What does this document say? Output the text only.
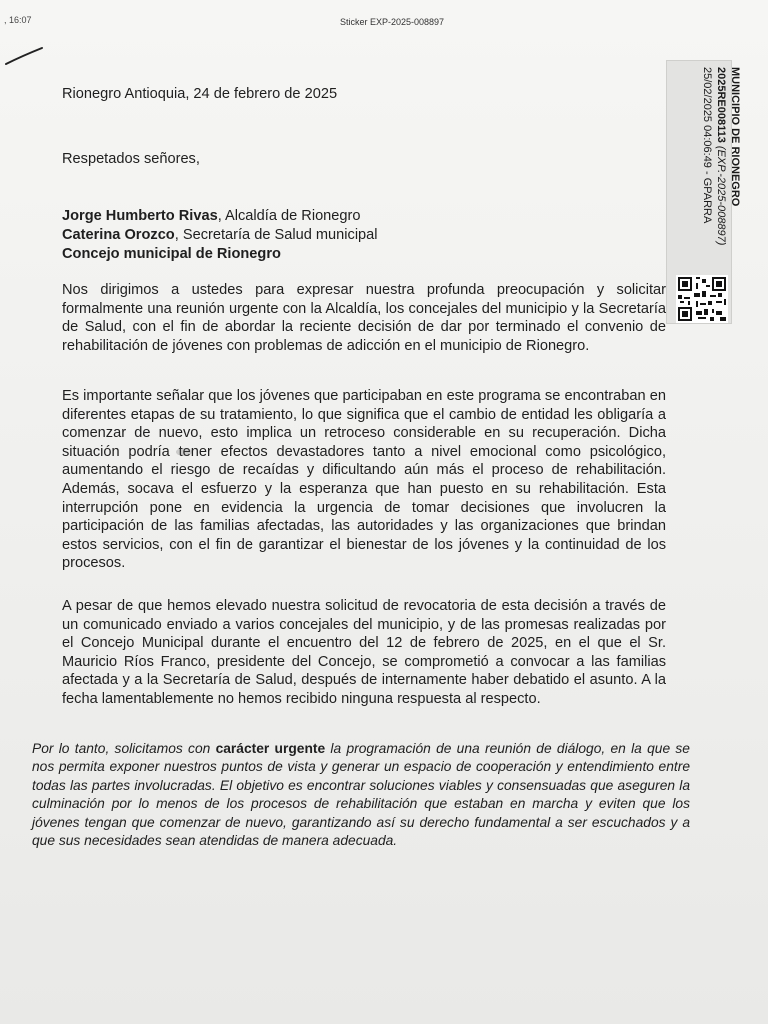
, 16:07	Sticker EXP-2025-008897
MUNICIPIO DE RIONEGRO
2025RE008113 (EXP.-2025-008897)
25/02/2025 04:06:49 - GPARRA
Rionegro Antioquia, 24 de febrero de 2025
Respetados señores,
Jorge Humberto Rivas, Alcaldía de Rionegro
Caterina Orozco, Secretaría de Salud municipal
Concejo municipal de Rionegro

Nos dirigimos a ustedes para expresar nuestra profunda preocupación y solicitar formalmente una reunión urgente con la Alcaldía, los concejales del municipio y la Secretaría de Salud, con el fin de abordar la reciente decisión de dar por terminado el convenio de rehabilitación de jóvenes con problemas de adicción en el municipio de Rionegro.

Es importante señalar que los jóvenes que participaban en este programa se encontraban en diferentes etapas de su tratamiento, lo que significa que el cambio de entidad les obligaría a comenzar de nuevo, esto implica un retroceso considerable en su recuperación. Dicha situación podría tener efectos devastadores tanto a nivel emocional como psicológico, aumentando el riesgo de recaídas y dificultando aún más el proceso de rehabilitación. Además, socava el esfuerzo y la esperanza que han puesto en su rehabilitación. Esta interrupción pone en evidencia la urgencia de tomar decisiones que involucren la participación de las familias afectadas, las autoridades y las organizaciones que brindan estos servicios, con el fin de garantizar el bienestar de los jóvenes y la continuidad de los procesos.

A pesar de que hemos elevado nuestra solicitud de revocatoria de esta decisión a través de un comunicado enviado a varios concejales del municipio, y de las promesas realizadas por el Concejo Municipal durante el encuentro del 12 de febrero de 2025, en el que el Sr. Mauricio Ríos Franco, presidente del Concejo, se comprometió a convocar a las familias afectada y a la Secretaría de Salud, después de internamente haber debatido el asunto. A la fecha lamentablemente no hemos recibido ninguna respuesta al respecto.

Por lo tanto, solicitamos con carácter urgente la programación de una reunión de diálogo, en la que se nos permita exponer nuestros puntos de vista y generar un espacio de cooperación y entendimiento entre todas las partes involucradas. El objetivo es encontrar soluciones viables y consensuadas que aseguren la culminación por lo menos de los procesos de rehabilitación que estaban en marcha y eviten que los jóvenes tengan que comenzar de nuevo, garantizando así su derecho fundamental a ser escuchados y a que sus necesidades sean atendidas de manera adecuada.
